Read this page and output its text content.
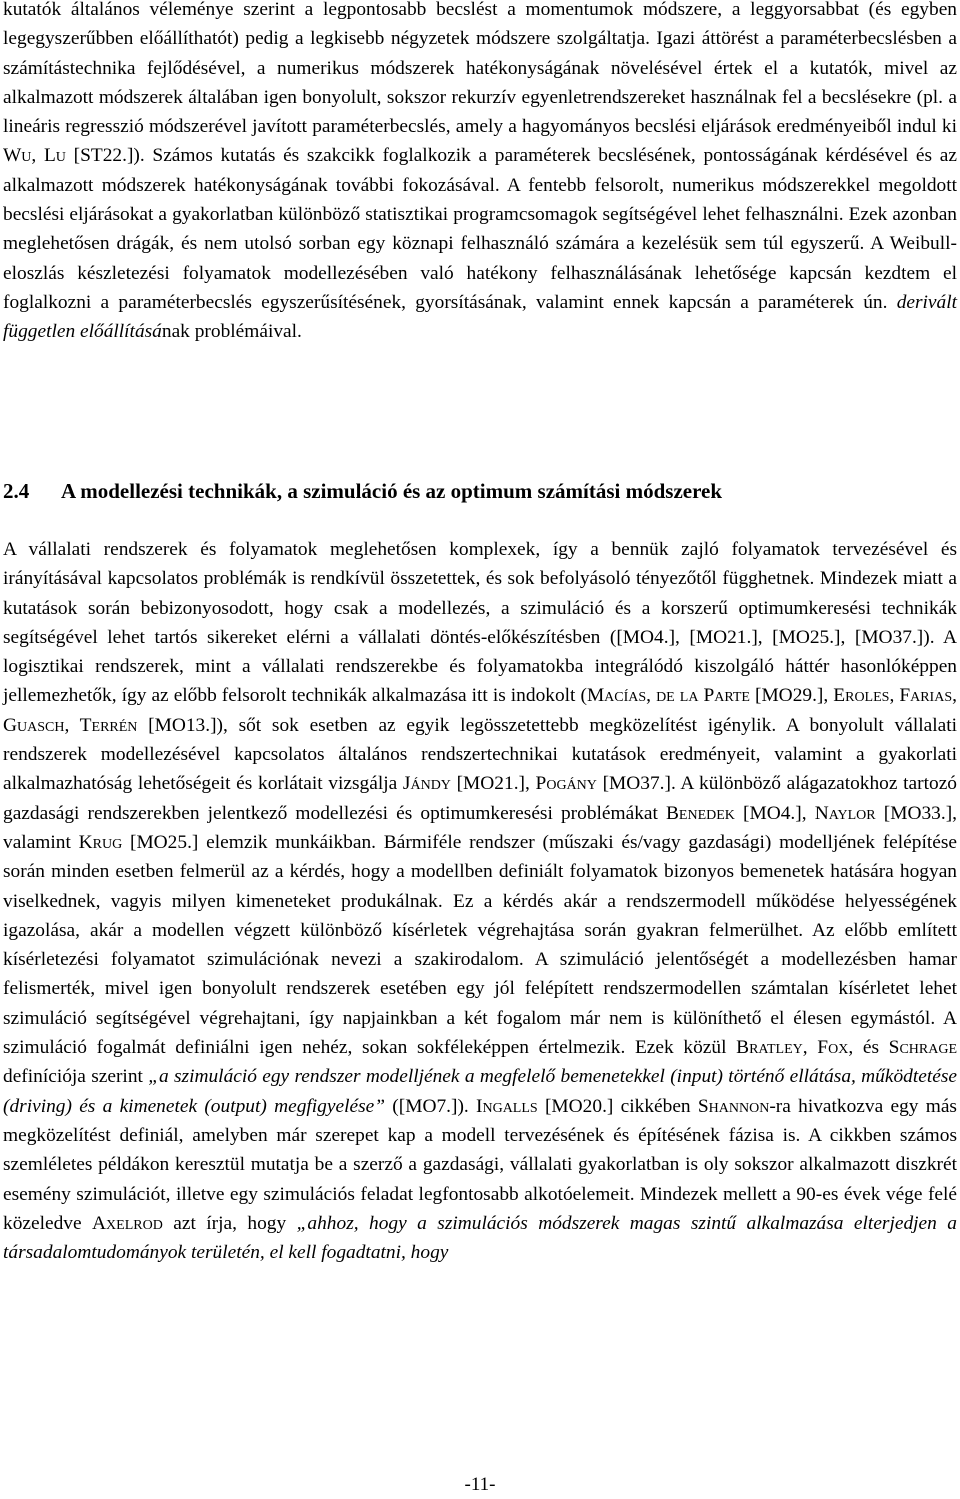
kutatók általános véleménye szerint a legpontosabb becslést a momentumok módszere, a leggyorsabbat (és egyben legegyszerűbben előállíthatót) pedig a legkisebb négyzetek módszere szolgáltatja. Igazi áttörést a paraméterbecslésben a számítástechnika fejlődésével, a numerikus módszerek hatékonyságának növelésével értek el a kutatók, mivel az alkalmazott módszerek általában igen bonyolult, sokszor rekurzív egyenletrendszereket használnak fel a becslésekre (pl. a lineáris regresszió módszerével javított paraméterbecslés, amely a hagyományos becslési eljárások eredményeiből indul ki Wu, Lu [ST22.]). Számos kutatás és szakcikk foglalkozik a paraméterek becslésének, pontosságának kérdésével és az alkalmazott módszerek hatékonyságának további fokozásával. A fentebb felsorolt, numerikus módszerekkel megoldott becslési eljárásokat a gyakorlatban különböző statisztikai programcsomagok segítségével lehet felhasználni. Ezek azonban meglehetősen drágák, és nem utolsó sorban egy köznapi felhasználó számára a kezelésük sem túl egyszerű. A Weibull-eloszlás készletezési folyamatok modellezésében való hatékony felhasználásának lehetősége kapcsán kezdtem el foglalkozni a paraméterbecslés egyszerűsítésének, gyorsításának, valamint ennek kapcsán a paraméterek ún. derivált független előállításának problémáival.

2.4 A modellezési technikák, a szimuláció és az optimum számítási módszerek

A vállalati rendszerek és folyamatok meglehetősen komplexek, így a bennük zajló folyamatok tervezésével és irányításával kapcsolatos problémák is rendkívül összetettek, és sok befolyásoló tényezőtől függhetnek. Mindezek miatt a kutatások során bebizonyosodott, hogy csak a modellezés, a szimuláció és a korszerű optimumkeresési technikák segítségével lehet tartós sikereket elérni a vállalati döntés-előkészítésben ([MO4.], [MO21.], [MO25.], [MO37.]). A logisztikai rendszerek, mint a vállalati rendszerekbe és folyamatokba integrálódó kiszolgáló háttér hasonlóképpen jellemezhetők, így az előbb felsorolt technikák alkalmazása itt is indokolt (Macías, de la Parte [MO29.], Eroles, Farias, Guasch, Terrén [MO13.]), sőt sok esetben az egyik legösszetettebb megközelítést igénylik. A bonyolult vállalati rendszerek modellezésével kapcsolatos általános rendszertechnikai kutatások eredményeit, valamint a gyakorlati alkalmazhatóság lehetőségeit és korlátait vizsgálja Jándy [MO21.], Pogány [MO37.]. A különböző alágazatokhoz tartozó gazdasági rendszerekben jelentkező modellezési és optimumkeresési problémákat Benedek [MO4.], Naylor [MO33.], valamint Krug [MO25.] elemzik munkáikban. Bármiféle rendszer (műszaki és/vagy gazdasági) modelljének felépítése során minden esetben felmerül az a kérdés, hogy a modellben definiált folyamatok bizonyos bemenetek hatására hogyan viselkednek, vagyis milyen kimeneteket produkálnak. Ez a kérdés akár a rendszermodell működése helyességének igazolása, akár a modellen végzett különböző kísérletek végrehajtása során gyakran felmerülhet. Az előbb említett kísérletezési folyamatot szimulációnak nevezi a szakirodalom. A szimuláció jelentőségét a modellezésben hamar felismerték, mivel igen bonyolult rendszerek esetében egy jól felépített rendszermodellen számtalan kísérletet lehet szimuláció segítségével végrehajtani, így napjainkban a két fogalom már nem is különíthető el élesen egymástól. A szimuláció fogalmát definiálni igen nehéz, sokan sokféleképpen értelmezik. Ezek közül Bratley, Fox, és Schrage definíciója szerint „a szimuláció egy rendszer modelljének a megfelelő bemenetekkel (input) történő ellátása, működtetése (driving) és a kimenetek (output) megfigyelése” ([MO7.]). Ingalls [MO20.] cikkében Shannon-ra hivatkozva egy más megközelítést definiál, amelyben már szerepet kap a modell tervezésének és építésének fázisa is. A cikkben számos szemléletes példákon keresztül mutatja be a szerző a gazdasági, vállalati gyakorlatban is oly sokszor alkalmazott diszkrét esemény szimulációt, illetve egy szimulációs feladat legfontosabb alkotóelemeit. Mindezek mellett a 90-es évek vége felé közeledve Axelrod azt írja, hogy „ahhoz, hogy a szimulációs módszerek magas szintű alkalmazása elterjedjen a társadalomtudományok területén, el kell fogadtatni, hogy

-11-
